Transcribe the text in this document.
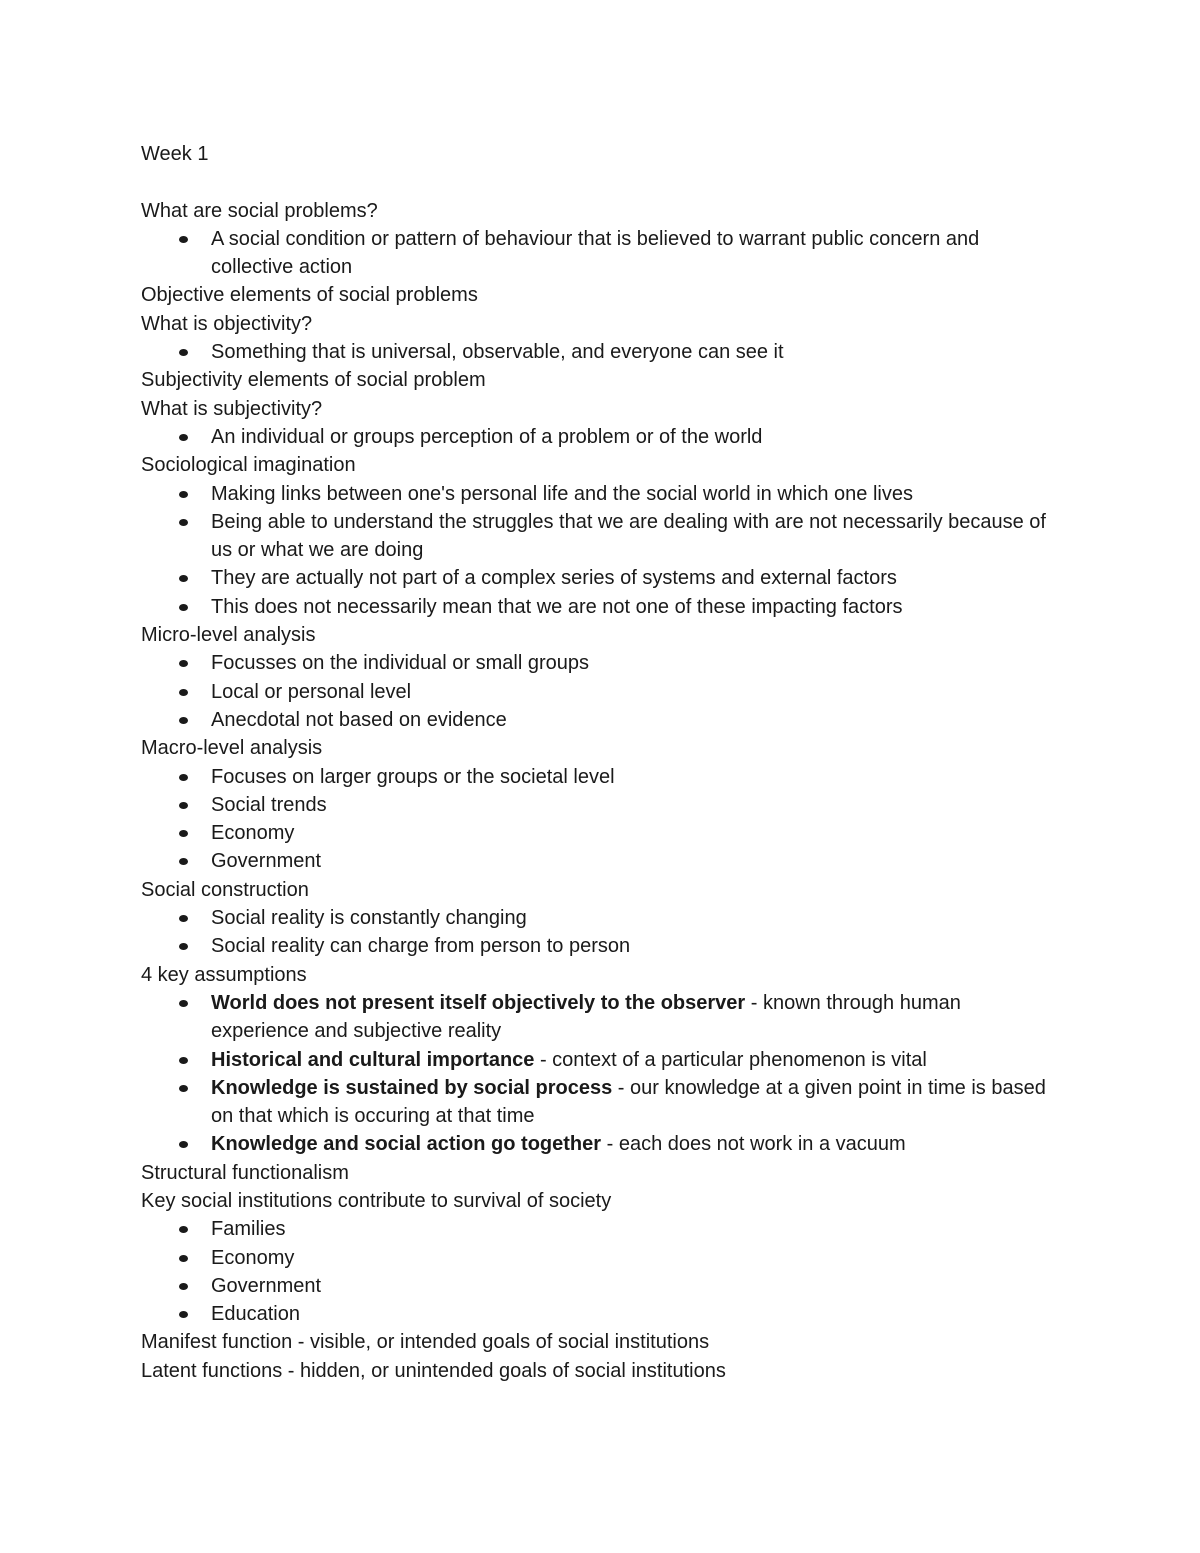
Week 1
What are social problems?
A social condition or pattern of behaviour that is believed to warrant public concern and collective action
Objective elements of social problems
What is objectivity?
Something that is universal, observable, and everyone can see it
Subjectivity elements of social problem
What is subjectivity?
An individual or groups perception of a problem or of the world
Sociological imagination
Making links between one's personal life and the social world in which one lives
Being able to understand the struggles that we are dealing with are not necessarily because of us or what we are doing
They are actually not part of a complex series of systems and external factors
This does not necessarily mean that we are not one of these impacting factors
Micro-level analysis
Focusses on the individual or small groups
Local or personal level
Anecdotal not based on evidence
Macro-level analysis
Focuses on larger groups or the societal level
Social trends
Economy
Government
Social construction
Social reality is constantly changing
Social reality can charge from person to person
4 key assumptions
World does not present itself objectively to the observer - known through human experience and subjective reality
Historical and cultural importance - context of a particular phenomenon is vital
Knowledge is sustained by social process - our knowledge at a given point in time is based on that which is occuring at that time
Knowledge and social action go together - each does not work in a vacuum
Structural functionalism
Key social institutions contribute to survival of society
Families
Economy
Government
Education
Manifest function - visible, or intended goals of social institutions
Latent functions - hidden, or unintended goals of social institutions
